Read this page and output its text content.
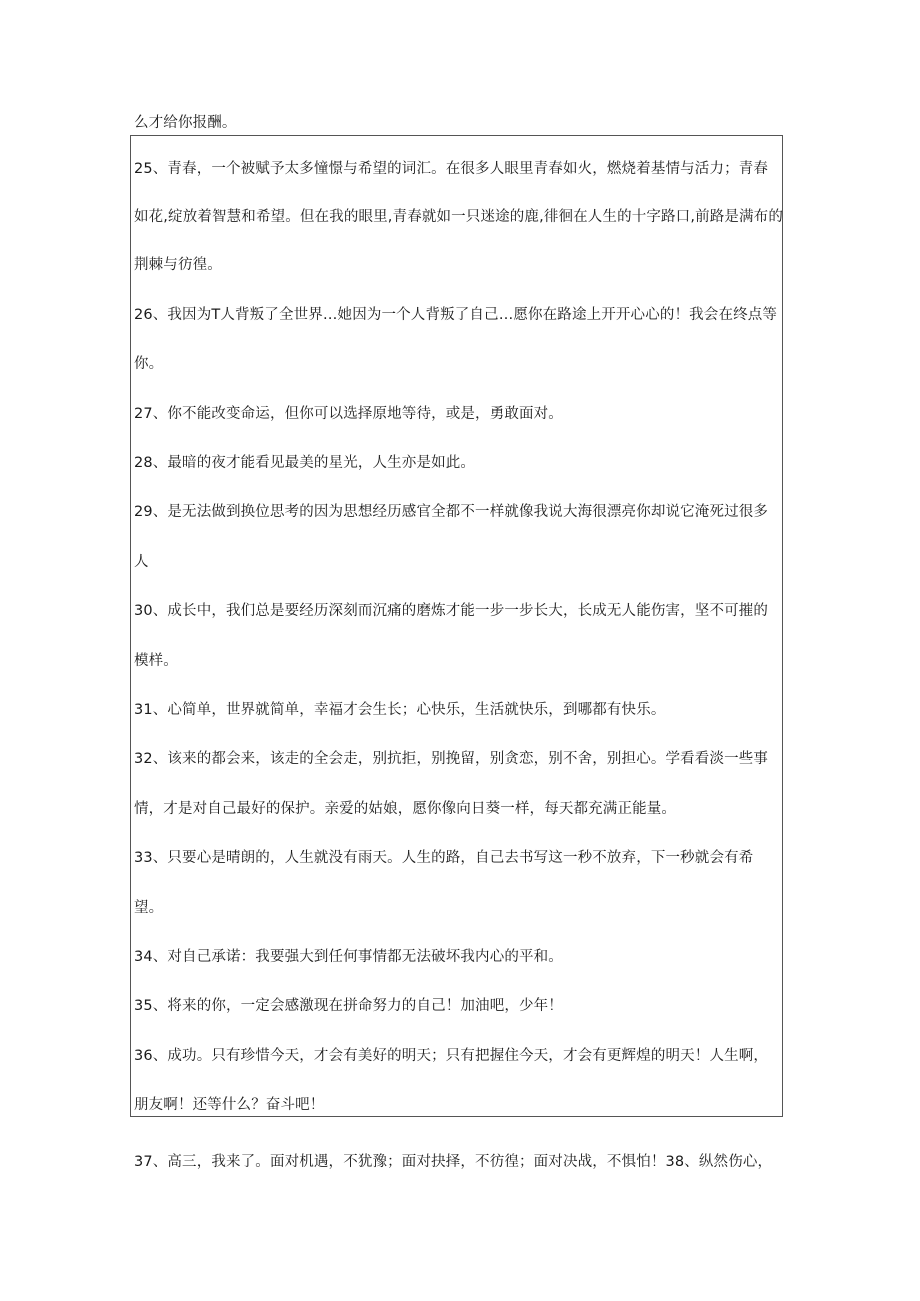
么才给你报酬。
25、青春，一个被赋予太多憧憬与希望的词汇。在很多人眼里青春如火，燃烧着基情与活力；青春
如花,绽放着智慧和希望。但在我的眼里,青春就如一只迷途的鹿,徘徊在人生的十字路口,前路是满布的
荆棘与彷徨。
26、我因为T人背叛了全世界…她因为一个人背叛了自己…愿你在路途上开开心心的！我会在终点等
你。
27、你不能改变命运，但你可以选择原地等待，或是，勇敢面对。
28、最暗的夜才能看见最美的星光，人生亦是如此。
29、是无法做到换位思考的因为思想经历感官全都不一样就像我说大海很漂亮你却说它淹死过很多
人
30、成长中，我们总是要经历深刻而沉痛的磨炼才能一步一步长大，长成无人能伤害，坚不可摧的
模样。
31、心简单，世界就简单，幸福才会生长；心快乐，生活就快乐，到哪都有快乐。
32、该来的都会来，该走的全会走，别抗拒，别挽留，别贪恋，别不舍，别担心。学看看淡一些事
情，才是对自己最好的保护。亲爱的姑娘，愿你像向日葵一样，每天都充满正能量。
33、只要心是晴朗的，人生就没有雨天。人生的路，自己去书写这一秒不放弃，下一秒就会有希
望。
34、对自己承诺：我要强大到任何事情都无法破坏我内心的平和。
35、将来的你，一定会感激现在拼命努力的自己！加油吧，少年！
36、成功。只有珍惜今天，才会有美好的明天；只有把握住今天，才会有更辉煌的明天！人生啊，
朋友啊！还等什么？奋斗吧！
37、高三，我来了。面对机遇，不犹豫；面对抉择，不彷徨；面对决战，不惧怕！38、纵然伤心，
